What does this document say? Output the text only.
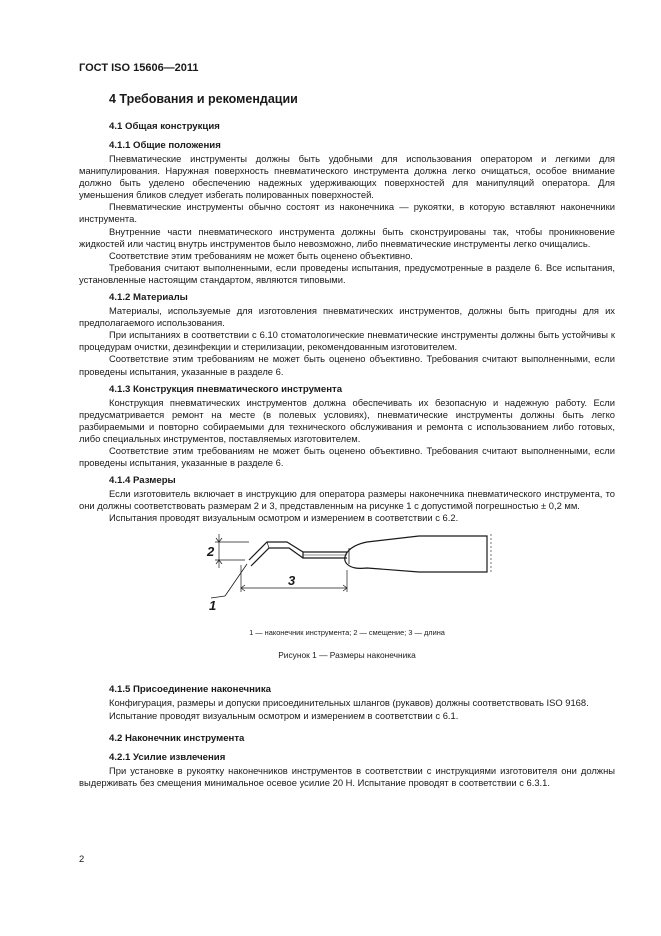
ГОСТ ISO 15606—2011

4 Требования и рекомендации

4.1 Общая конструкция

4.1.1 Общие положения

Пневматические инструменты должны быть удобными для использования оператором и легкими для манипулирования. Наружная поверхность пневматического инструмента должна легко очищаться, особое внимание должно быть уделено обеспечению надежных удерживающих поверхностей для манипуляций оператора. Для уменьшения бликов следует избегать полированных поверхностей.

Пневматические инструменты обычно состоят из наконечника — рукоятки, в которую вставляют наконечники инструмента.

Внутренние части пневматического инструмента должны быть сконструированы так, чтобы проникновение жидкостей или частиц внутрь инструментов было невозможно, либо пневматические инструменты легко очищались.

Соответствие этим требованиям не может быть оценено объективно.

Требования считают выполненными, если проведены испытания, предусмотренные в разделе 6. Все испытания, установленные настоящим стандартом, являются типовыми.

4.1.2 Материалы

Материалы, используемые для изготовления пневматических инструментов, должны быть пригодны для их предполагаемого использования.

При испытаниях в соответствии с 6.10 стоматологические пневматические инструменты должны быть устойчивы к процедурам очистки, дезинфекции и стерилизации, рекомендованным изготовителем.

Соответствие этим требованиям не может быть оценено объективно. Требования считают выполненными, если проведены испытания, указанные в разделе 6.

4.1.3 Конструкция пневматического инструмента

Конструкция пневматических инструментов должна обеспечивать их безопасную и надежную работу. Если предусматривается ремонт на месте (в полевых условиях), пневматические инструменты должны быть легко разбираемыми и повторно собираемыми для технического обслуживания и ремонта с использованием либо готовых, либо специальных инструментов, поставляемых изготовителем.

Соответствие этим требованиям не может быть оценено объективно. Требования считают выполненными, если проведены испытания, указанные в разделе 6.

4.1.4 Размеры

Если изготовитель включает в инструкцию для оператора размеры наконечника пневматического инструмента, то они должны соответствовать размерам 2 и 3, представленным на рисунке 1 с допустимой погрешностью ± 0,2 мм.

Испытания проводят визуальным осмотром и измерением в соответствии с 6.2.

2
3
1

1 — наконечник инструмента; 2 — смещение; 3 — длина

Рисунок 1 — Размеры наконечника

4.1.5 Присоединение наконечника

Конфигурация, размеры и допуски присоединительных шлангов (рукавов) должны соответствовать ISO 9168.

Испытание проводят визуальным осмотром и измерением в соответствии с 6.1.

4.2 Наконечник инструмента

4.2.1 Усилие извлечения

При установке в рукоятку наконечников инструментов в соответствии с инструкциями изготовителя они должны выдерживать без смещения минимальное осевое усилие 20 Н. Испытание проводят в соответствии с 6.3.1.

2
